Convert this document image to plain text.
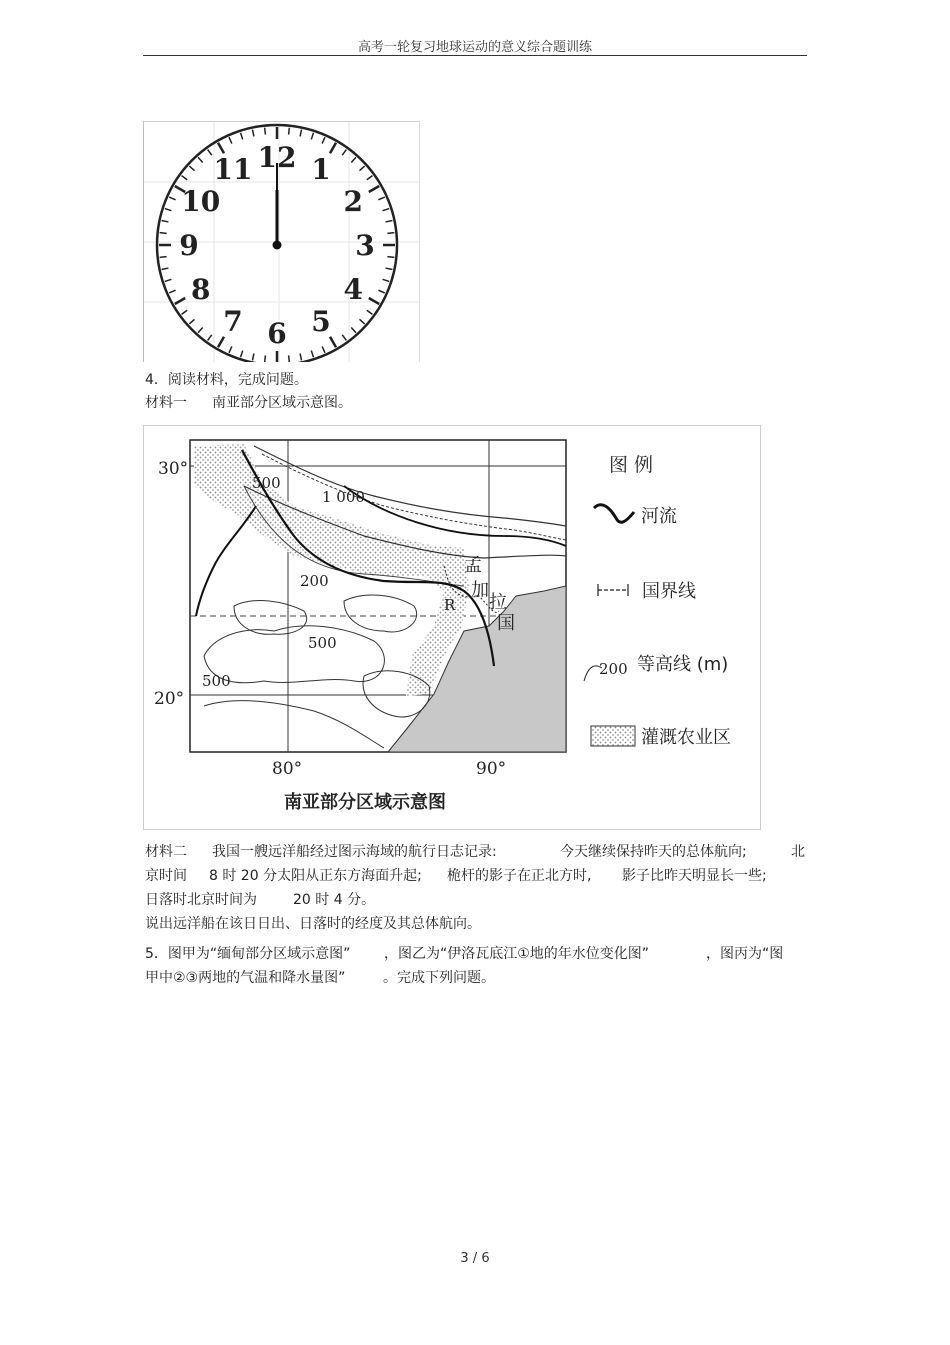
高考一轮复习地球运动的意义综合题训练
12 1
2
3
4
5
6
7
8
9
10
11
4．阅读材料，完成问题。
材料一 南亚部分区域示意图。
30°
20°
80°	90°
500
1 000
200
500
500
孟
加
拉
国
R
图 例
河流
国界线
200 等高线 (m)
灌溉农业区
南亚部分区域示意图
材料二 我国一艘远洋船经过图示海域的航行日志记录:	今天继续保持昨天的总体航向;	北
京时间 8 时 20 分太阳从正东方海面升起; 桅杆的影子在正北方时, 影子比昨天明显长一些;
日落时北京时间为	20 时 4 分。
说出远洋船在该日日出、日落时的经度及其总体航向。
5．图甲为“缅甸部分区域示意图” ，图乙为“伊洛瓦底江①地的年水位变化图”	，图丙为“图
甲中②③两地的气温和降水量图”	。完成下列问题。
3 / 6
